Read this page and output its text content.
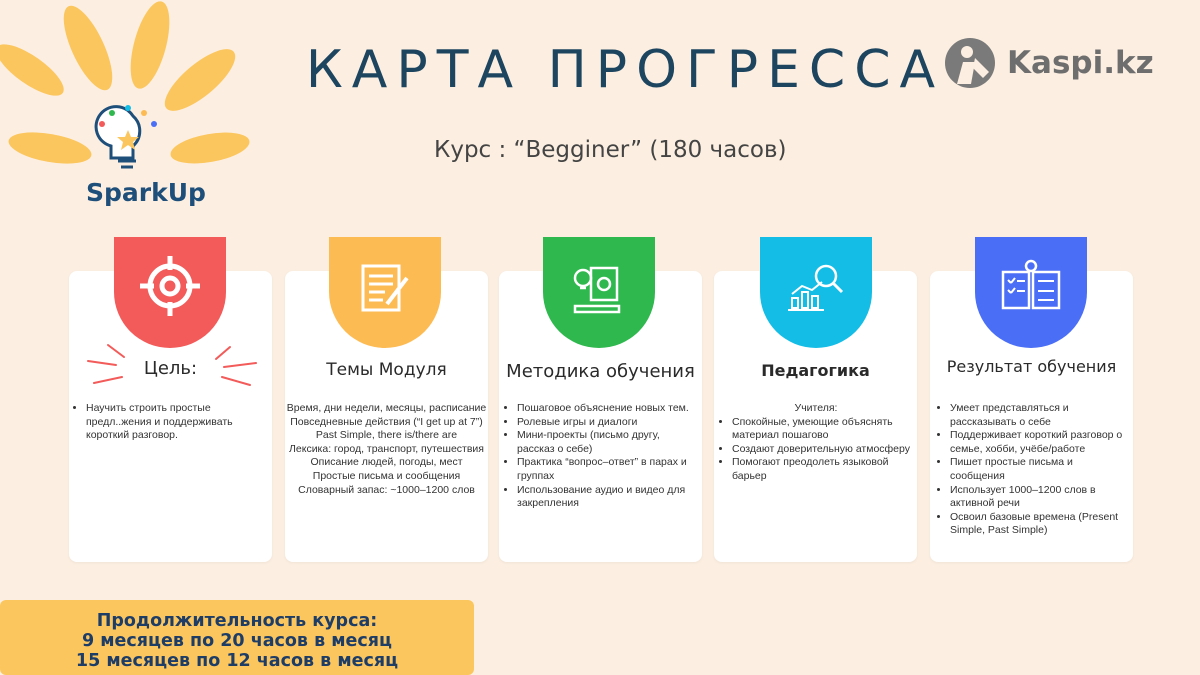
SparkUp
КАРТА ПРОГРЕССА
Курс : “Begginer” (180 часов)
Kaspi.kz
Цель:
• Научить строить простые предл..жения и поддерживать короткий разговор.
Темы Модуля
Время, дни недели, месяцы, расписание
Повседневные действия (“I get up at 7”)
Past Simple, there is/there are
Лексика: город, транспорт, путешествия
Описание людей, погоды, мест
Простые письма и сообщения
Словарный запас: ~1000–1200 слов
Методика обучения
• Пошаговое объяснение новых тем.
• Ролевые игры и диалоги
• Мини-проекты (письмо другу, рассказ о себе)
• Практика “вопрос–ответ” в парах и группах
• Использование аудио и видео для закрепления
Педагогика
Учителя:
• Спокойные, умеющие объяснять материал пошагово
• Создают доверительную атмосферу
• Помогают преодолеть языковой барьер
Результат обучения
• Умеет представляться и рассказывать о себе
• Поддерживает короткий разговор о семье, хобби, учёбе/работе
• Пишет простые письма и сообщения
• Использует 1000–1200 слов в активной речи
• Освоил базовые времена (Present Simple, Past Simple)
Продолжительность курса:
9 месяцев по 20 часов в месяц
15 месяцев по 12 часов в месяц
